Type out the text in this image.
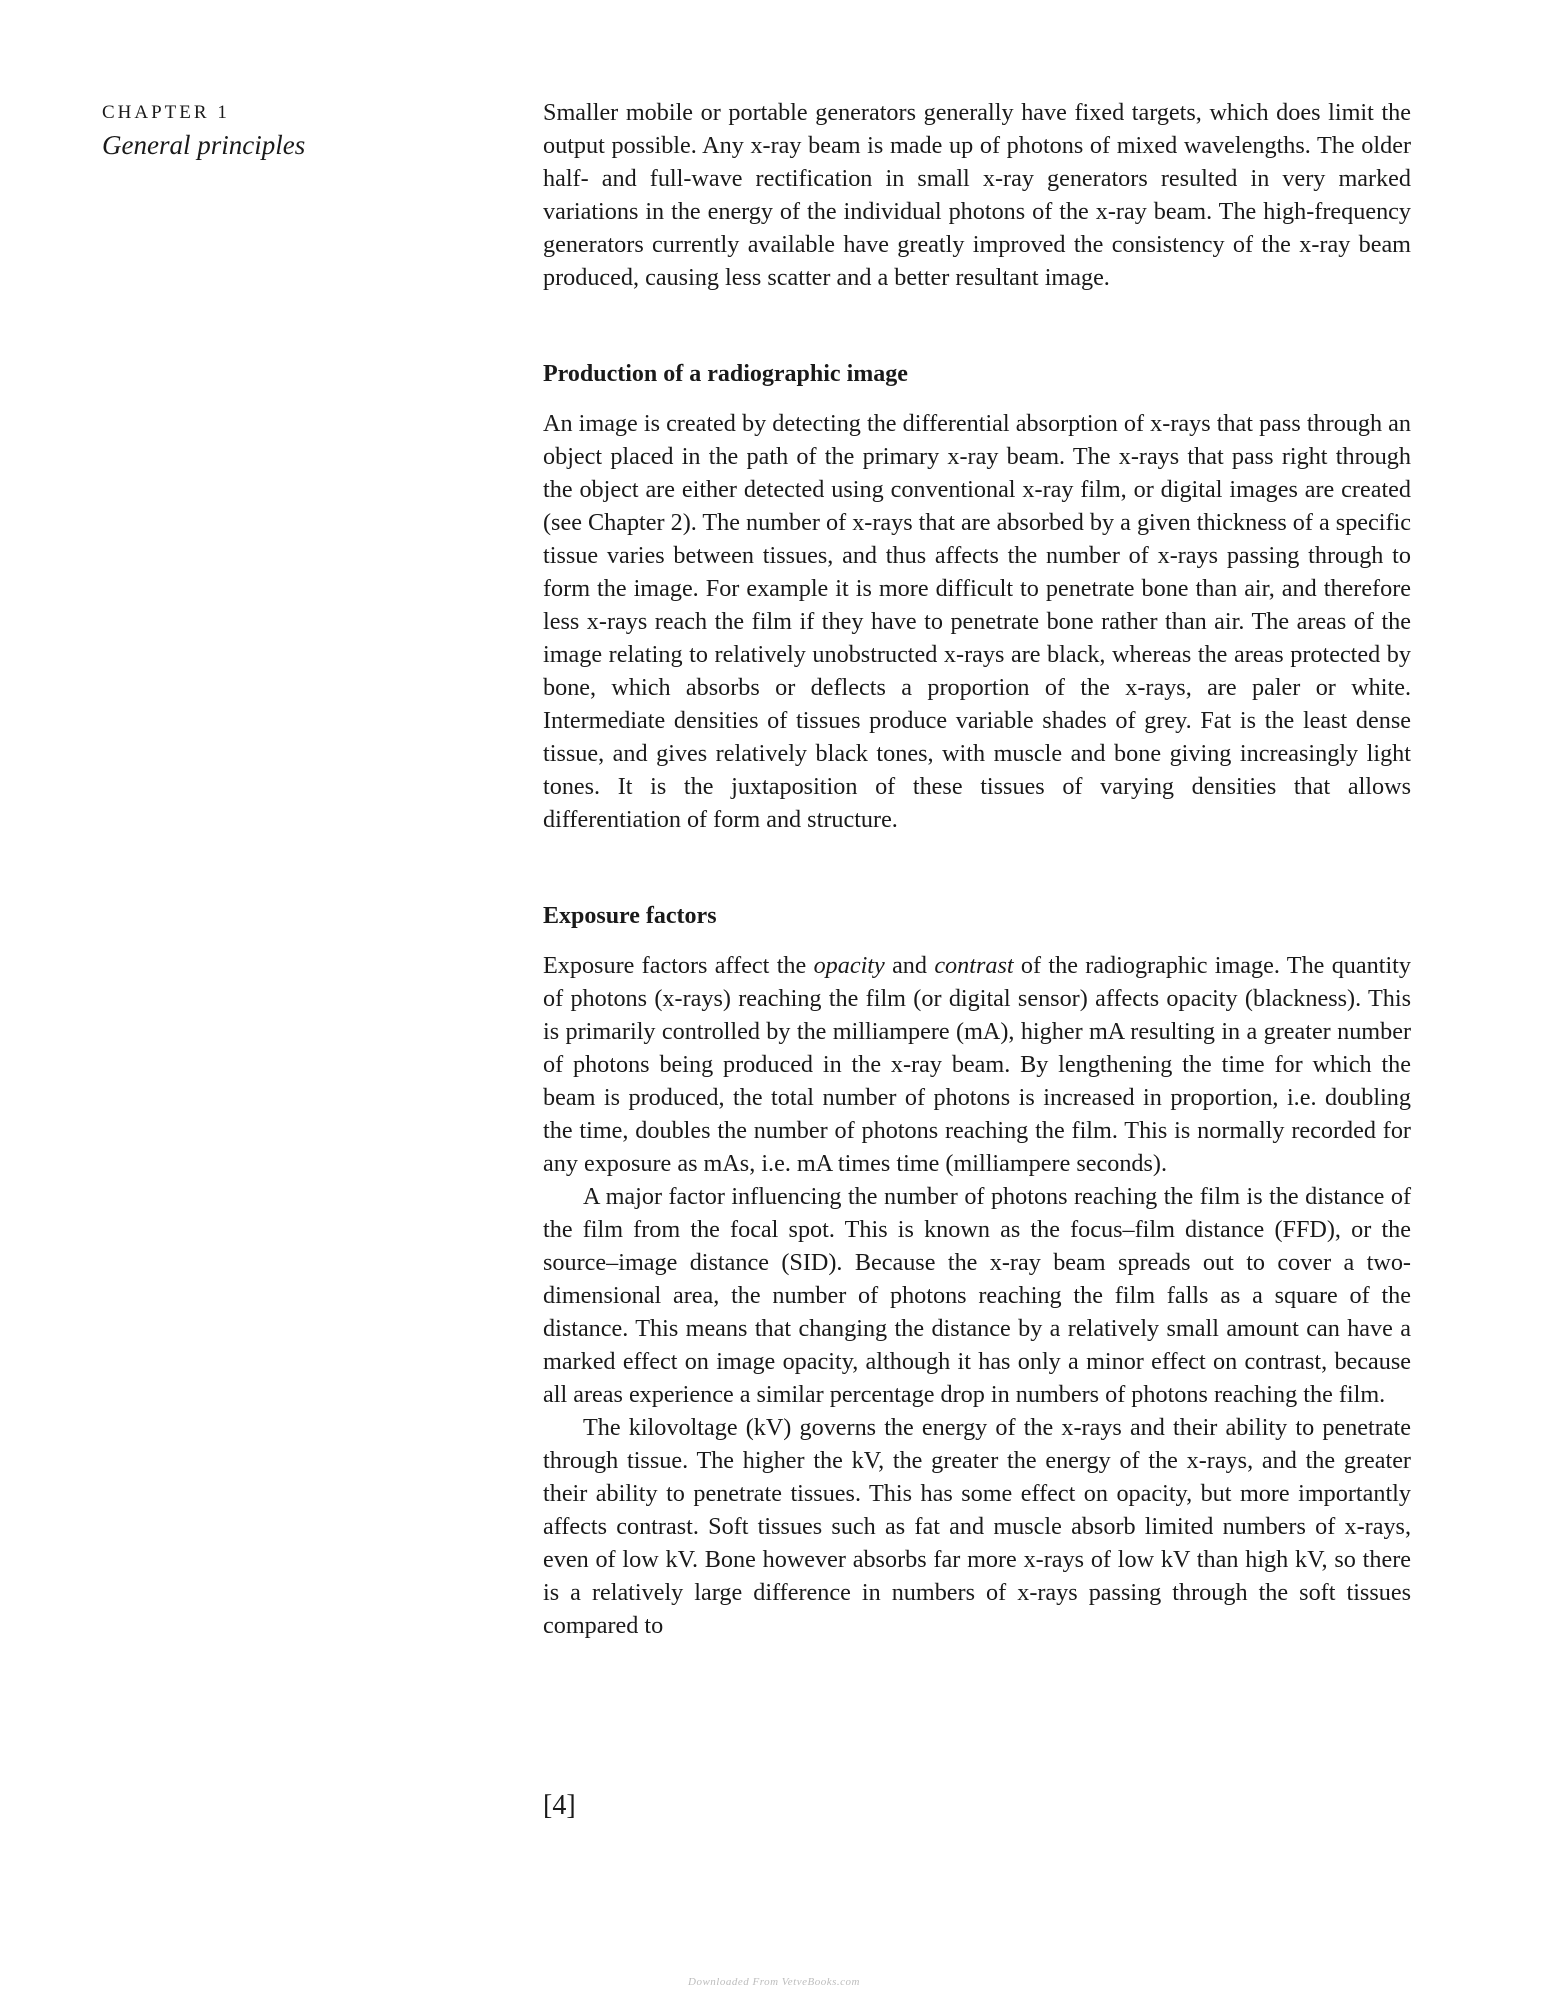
CHAPTER 1
General principles

Smaller mobile or portable generators generally have fixed targets, which does limit the output possible. Any x-ray beam is made up of photons of mixed wavelengths. The older half- and full-wave rectification in small x-ray generators resulted in very marked variations in the energy of the individual photons of the x-ray beam. The high-frequency generators currently available have greatly improved the consistency of the x-ray beam produced, causing less scatter and a better resultant image.

Production of a radiographic image

An image is created by detecting the differential absorption of x-rays that pass through an object placed in the path of the primary x-ray beam. The x-rays that pass right through the object are either detected using conventional x-ray film, or digital images are created (see Chapter 2). The number of x-rays that are absorbed by a given thickness of a specific tissue varies between tissues, and thus affects the number of x-rays passing through to form the image. For example it is more difficult to penetrate bone than air, and therefore less x-rays reach the film if they have to penetrate bone rather than air. The areas of the image relating to relatively unobstructed x-rays are black, whereas the areas protected by bone, which absorbs or deflects a proportion of the x-rays, are paler or white. Intermediate densities of tissues produce variable shades of grey. Fat is the least dense tissue, and gives relatively black tones, with muscle and bone giving increasingly light tones. It is the juxtaposition of these tissues of varying densities that allows differentiation of form and structure.

Exposure factors

Exposure factors affect the opacity and contrast of the radiographic image. The quantity of photons (x-rays) reaching the film (or digital sensor) affects opacity (blackness). This is primarily controlled by the milliampere (mA), higher mA resulting in a greater number of photons being produced in the x-ray beam. By lengthening the time for which the beam is produced, the total number of photons is increased in proportion, i.e. doubling the time, doubles the number of photons reaching the film. This is normally recorded for any exposure as mAs, i.e. mA times time (milliampere seconds).

A major factor influencing the number of photons reaching the film is the distance of the film from the focal spot. This is known as the focus–film distance (FFD), or the source–image distance (SID). Because the x-ray beam spreads out to cover a two-dimensional area, the number of photons reaching the film falls as a square of the distance. This means that changing the distance by a relatively small amount can have a marked effect on image opacity, although it has only a minor effect on contrast, because all areas experience a similar percentage drop in numbers of photons reaching the film.

The kilovoltage (kV) governs the energy of the x-rays and their ability to penetrate through tissue. The higher the kV, the greater the energy of the x-rays, and the greater their ability to penetrate tissues. This has some effect on opacity, but more importantly affects contrast. Soft tissues such as fat and muscle absorb limited numbers of x-rays, even of low kV. Bone however absorbs far more x-rays of low kV than high kV, so there is a relatively large difference in numbers of x-rays passing through the soft tissues compared to

[4]
Downloaded From VetveBooks.com
